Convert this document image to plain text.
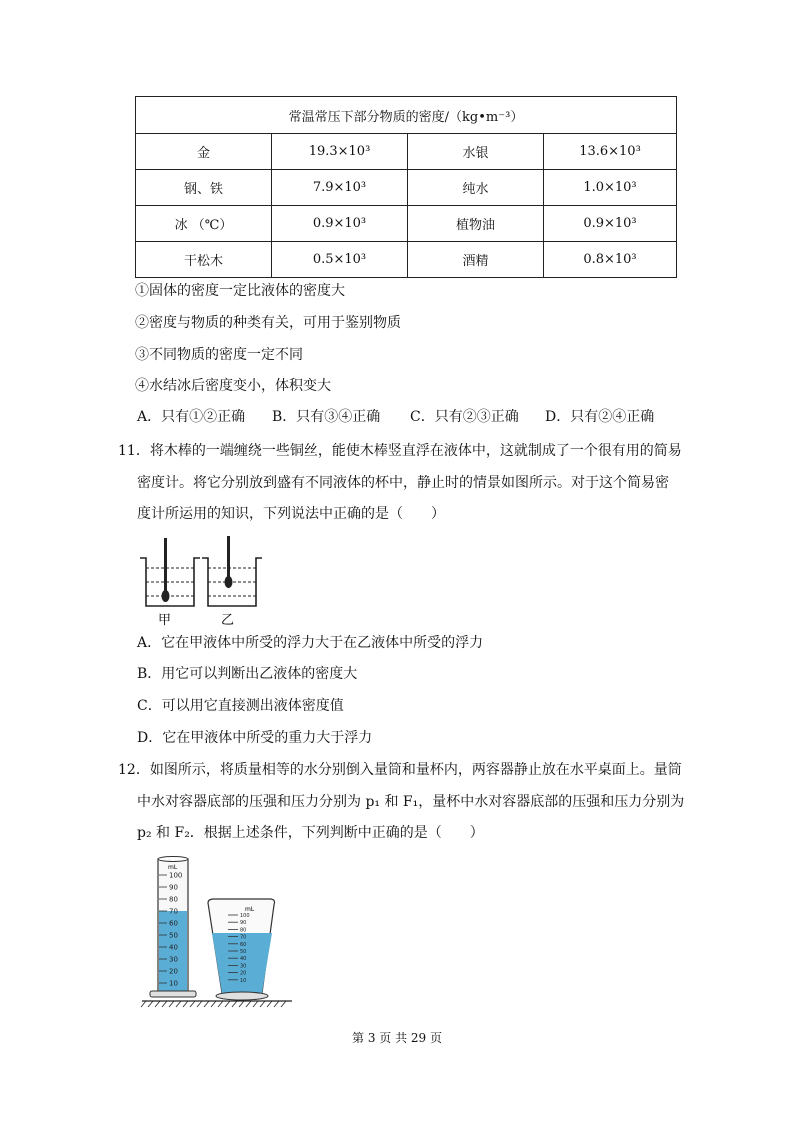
常温常压下部分物质的密度/（kg•m⁻³）			
金	19.3×10³	水银	13.6×10³
钢、铁	7.9×10³	纯水	1.0×10³
冰 （℃）	0.9×10³	植物油	0.9×10³
干松木	0.5×10³	酒精	0.8×10³
①固体的密度一定比液体的密度大
②密度与物质的种类有关，可用于鉴别物质
③不同物质的密度一定不同
④水结冰后密度变小，体积变大
A．只有①②正确 B．只有③④正确 C．只有②③正确 D．只有②④正确
11．将木棒的一端缠绕一些铜丝，能使木棒竖直浮在液体中，这就制成了一个很有用的简易
密度计。将它分别放到盛有不同液体的杯中，静止时的情景如图所示。对于这个简易密
度计所运用的知识，下列说法中正确的是（　　）
甲	乙
A．它在甲液体中所受的浮力大于在乙液体中所受的浮力
B．用它可以判断出乙液体的密度大
C．可以用它直接测出液体密度值
D．它在甲液体中所受的重力大于浮力
12．如图所示，将质量相等的水分别倒入量筒和量杯内，两容器静止放在水平桌面上。量筒
中水对容器底部的压强和压力分别为 p₁ 和 F₁，量杯中水对容器底部的压强和压力分别为
p₂ 和 F₂．根据上述条件，下列判断中正确的是（　　）
mL
100
90
80
70
60
50
40
30
20
10
mL
100
90
80
70
60
50
40
30
20
10
第 3 页 共 29 页
